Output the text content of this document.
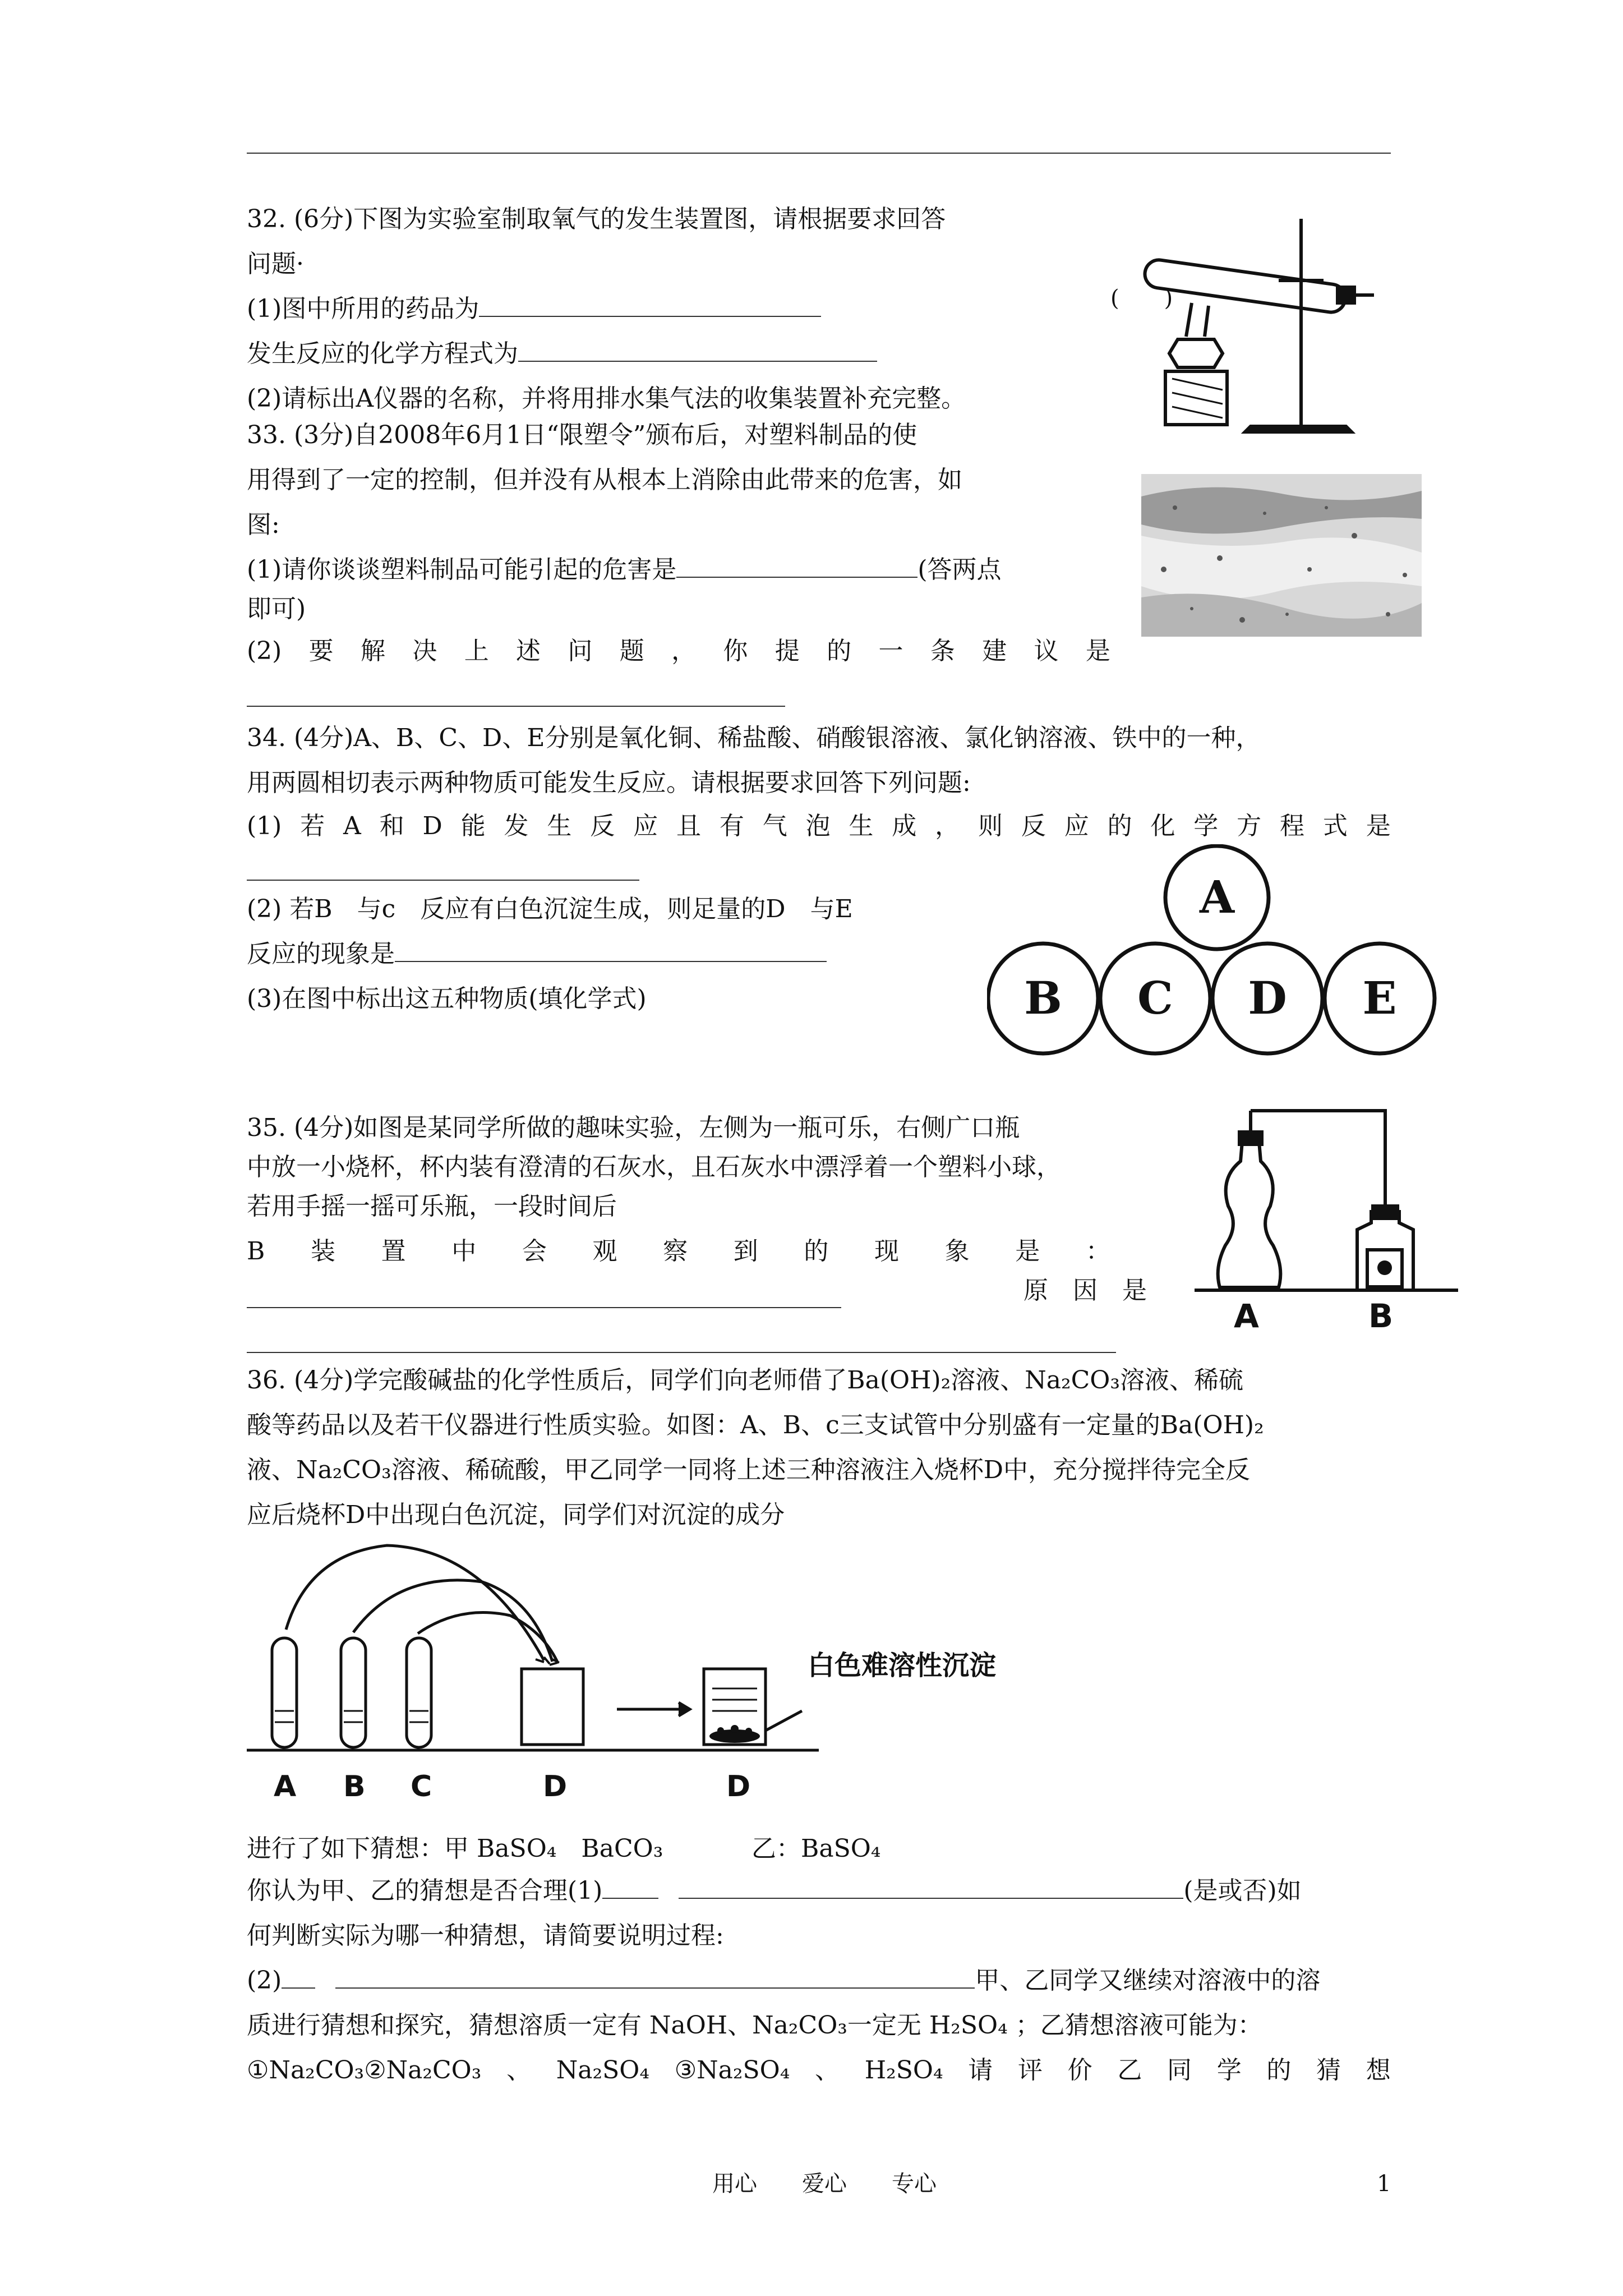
32. (6分)下图为实验室制取氧气的发生装置图，请根据要求回答
问题·
(1)图中所用的药品为
发生反应的化学方程式为
(2)请标出A仪器的名称，并将用排水集气法的收集装置补充完整。
(　　)
33. (3分)自2008年6月1日“限塑令”颁布后，对塑料制品的使
用得到了一定的控制，但并没有从根本上消除由此带来的危害，如
图:
(1)请你谈谈塑料制品可能引起的危害是	(答两点
即可)
(2) 要 解 决 上 述 问 题 ， 你 提 的 一 条 建 议 是
34. (4分)A、B、C、D、E分别是氧化铜、稀盐酸、硝酸银溶液、氯化钠溶液、铁中的一种，
用两圆相切表示两种物质可能发生反应。请根据要求回答下列问题:
(1) 若 A 和 D 能 发 生 反 应 且 有 气 泡 生 成 ， 则 反 应 的 化 学 方 程 式 是
(2) 若B　与c　反应有白色沉淀生成，则足量的D　与E
反应的现象是
(3)在图中标出这五种物质(填化学式)
A
B C D E
35. (4分)如图是某同学所做的趣味实验，左侧为一瓶可乐，右侧广口瓶
中放一小烧杯，杯内装有澄清的石灰水，且石灰水中漂浮着一个塑料小球，
若用手摇一摇可乐瓶，一段时间后
B 装 置 中 会 观 察 到 的 现 象 是 ：
原　因　是
A	B
36. (4分)学完酸碱盐的化学性质后，同学们向老师借了Ba(OH)₂溶液、Na₂CO₃溶液、稀硫
酸等药品以及若干仪器进行性质实验。如图：A、B、c三支试管中分别盛有一定量的Ba(OH)₂
液、Na₂CO₃溶液、稀硫酸，甲乙同学一同将上述三种溶液注入烧杯D中，充分搅拌待完全反
应后烧杯D中出现白色沉淀，同学们对沉淀的成分
白色难溶性沉淀
A B C	D	D
进行了如下猜想：甲 BaSO₄　BaCO₃	乙：BaSO₄
你认为甲、乙的猜想是否合理(1)	(是或否)如
何判断实际为哪一种猜想，请简要说明过程:
(2)	甲、乙同学又继续对溶液中的溶
质进行猜想和探究，猜想溶质一定有 NaOH、Na₂CO₃一定无 H₂SO₄ ；乙猜想溶液可能为：
①Na₂CO₃②Na₂CO₃ 、 Na₂SO₄ ③Na₂SO₄ 、 H₂SO₄ 请 评 价 乙 同 学 的 猜 想
用心　　爱心　　专心	1
